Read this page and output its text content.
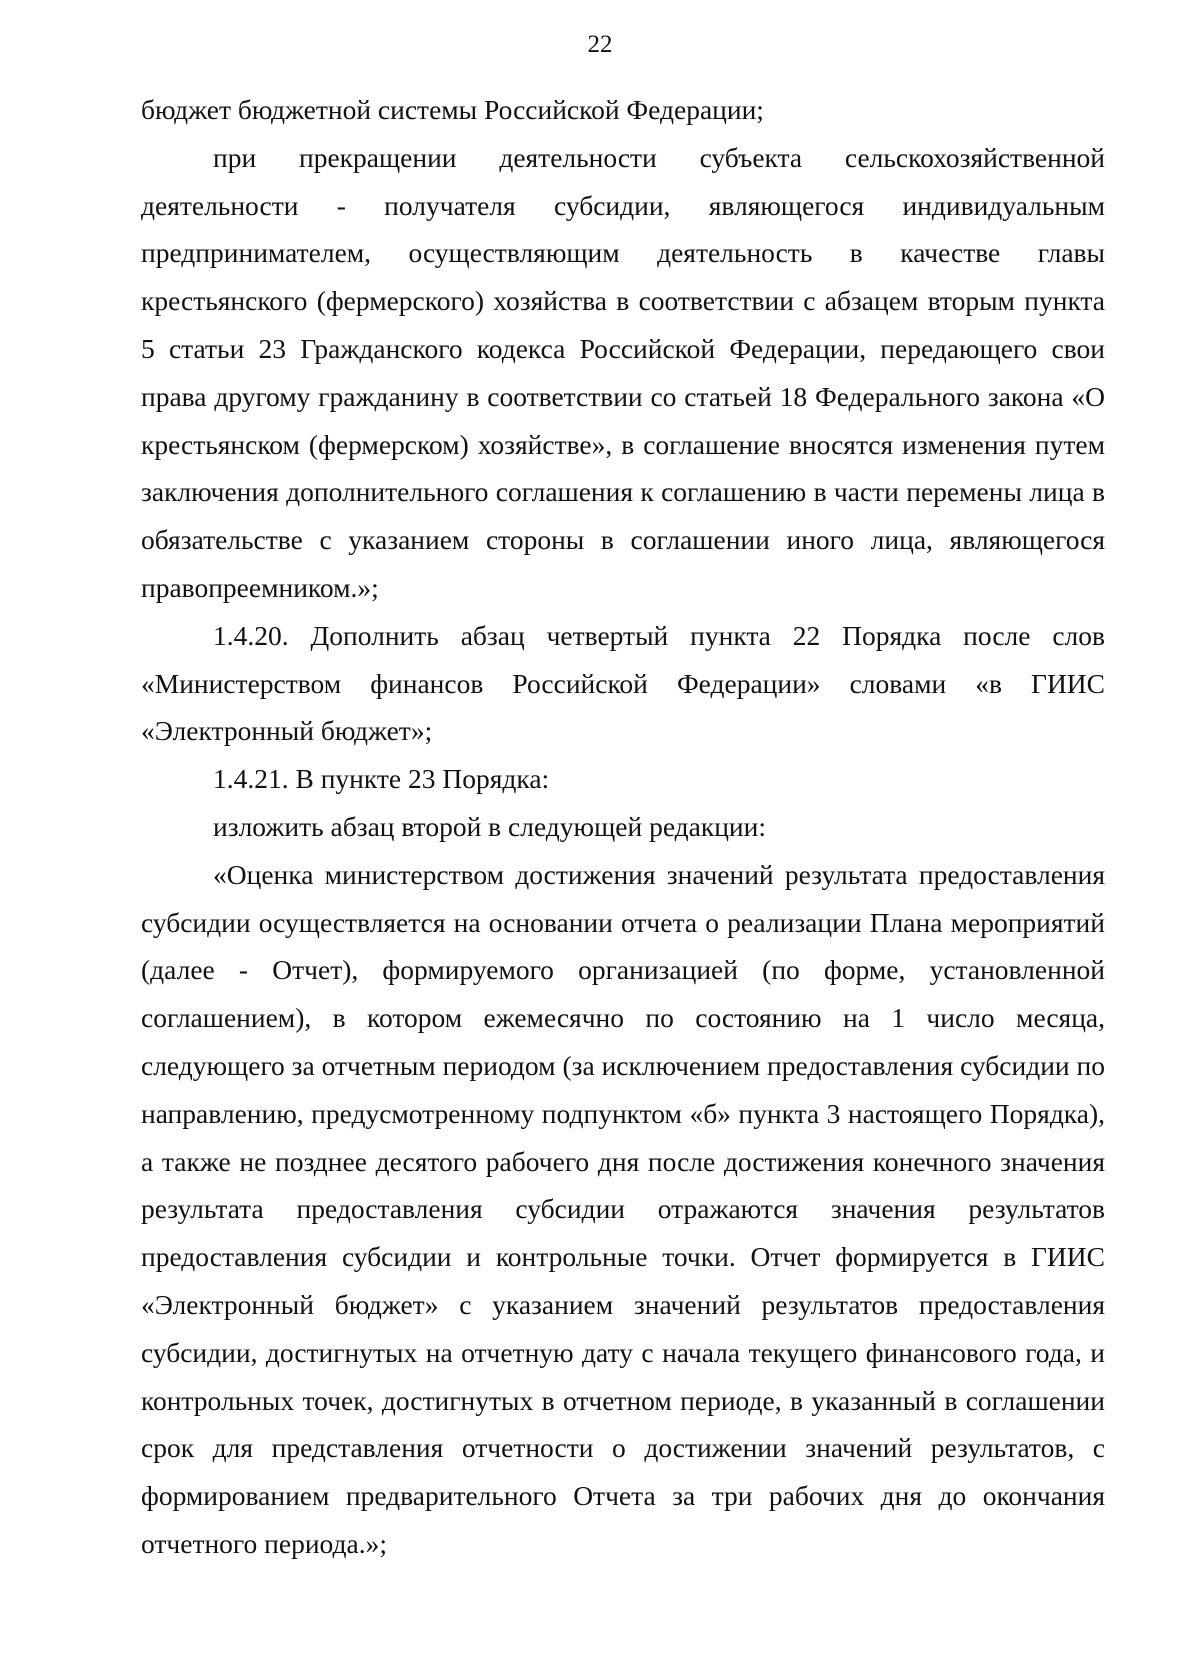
22

бюджет бюджетной системы Российской Федерации;

при прекращении деятельности субъекта сельскохозяйственной деятельности - получателя субсидии, являющегося индивидуальным предпринимателем, осуществляющим деятельность в качестве главы крестьянского (фермерского) хозяйства в соответствии с абзацем вторым пункта 5 статьи 23 Гражданского кодекса Российской Федерации, передающего свои права другому гражданину в соответствии со статьей 18 Федерального закона «О крестьянском (фермерском) хозяйстве», в соглашение вносятся изменения путем заключения дополнительного соглашения к соглашению в части перемены лица в обязательстве с указанием стороны в соглашении иного лица, являющегося правопреемником.»;

1.4.20. Дополнить абзац четвертый пункта 22 Порядка после слов «Министерством финансов Российской Федерации» словами «в ГИИС «Электронный бюджет»;

1.4.21. В пункте 23 Порядка:

изложить абзац второй в следующей редакции:

«Оценка министерством достижения значений результата предоставления субсидии осуществляется на основании отчета о реализации Плана мероприятий (далее - Отчет), формируемого организацией (по форме, установленной соглашением), в котором ежемесячно по состоянию на 1 число месяца, следующего за отчетным периодом (за исключением предоставления субсидии по направлению, предусмотренному подпунктом «б» пункта 3 настоящего Порядка), а также не позднее десятого рабочего дня после достижения конечного значения результата предоставления субсидии отражаются значения результатов предоставления субсидии и контрольные точки. Отчет формируется в ГИИС «Электронный бюджет» с указанием значений результатов предоставления субсидии, достигнутых на отчетную дату с начала текущего финансового года, и контрольных точек, достигнутых в отчетном периоде, в указанный в соглашении срок для представления отчетности о достижении значений результатов, с формированием предварительного Отчета за три рабочих дня до окончания отчетного периода.»;
